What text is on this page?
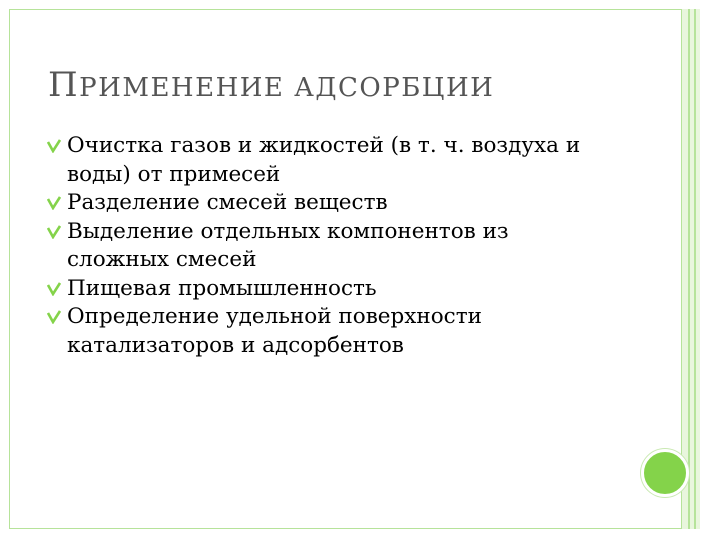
ПРИМЕНЕНИЕ АДСОРБЦИИ
Очистка газов и жидкостей (в т. ч. воздуха и воды) от примесей
Разделение смесей веществ
Выделение отдельных компонентов из сложных смесей
Пищевая промышленность
Определение удельной поверхности катализаторов и адсорбентов
